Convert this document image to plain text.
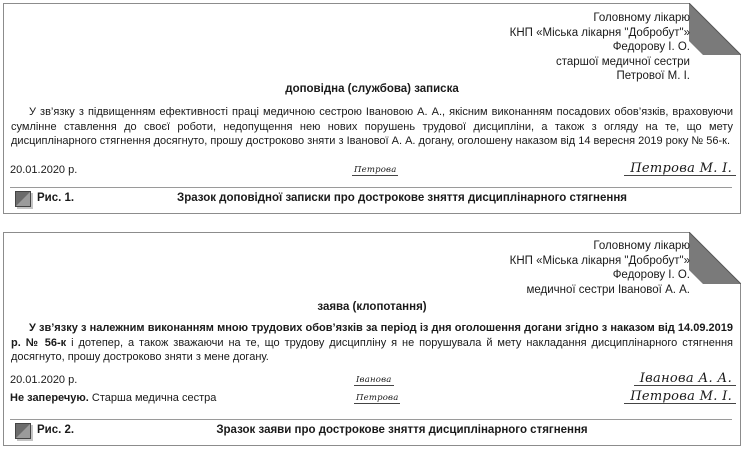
Головному лікарю
КНП «Міська лікарня "Добробут"»
Федорову І. О.
старшої медичної сестри
Петрової М. І.
доповідна (службова) записка
У зв’язку з підвищенням ефективності праці медичною сестрою Івановою А. А., якісним виконанням посадових обов’язків, враховуючи сумлінне ставлення до своєї роботи, недопущення нею нових порушень трудової дисципліни, а також з огляду на те, що мету дисциплінарного стягнення досягнуто, прошу достроково зняти з Іванової А. А. догану, оголошену наказом від 14 вересня 2019 року № 56-к.
20.01.2020 р.	Петрова	Петрова М. І.
Рис. 1.	Зразок доповідної записки про дострокове зняття дисциплінарного стягнення
Головному лікарю
КНП «Міська лікарня "Добробут"»
Федорову І. О.
медичної сестри Іванової А. А.
заява (клопотання)
У зв’язку з належним виконанням мною трудових обов’язків за період із дня оголошення догани згідно з наказом від 14.09.2019 р. № 56-к і дотепер, а також зважаючи на те, що трудову дисципліну я не порушувала й мету накладання дисциплінарного стягнення досягнуто, прошу достроково зняти з мене догану.
20.01.2020 р.	Іванова	Іванова А. А.
Не заперечую. Старша медична сестра	Петрова	Петрова М. І.
Рис. 2.	Зразок заяви про дострокове зняття дисциплінарного стягнення
